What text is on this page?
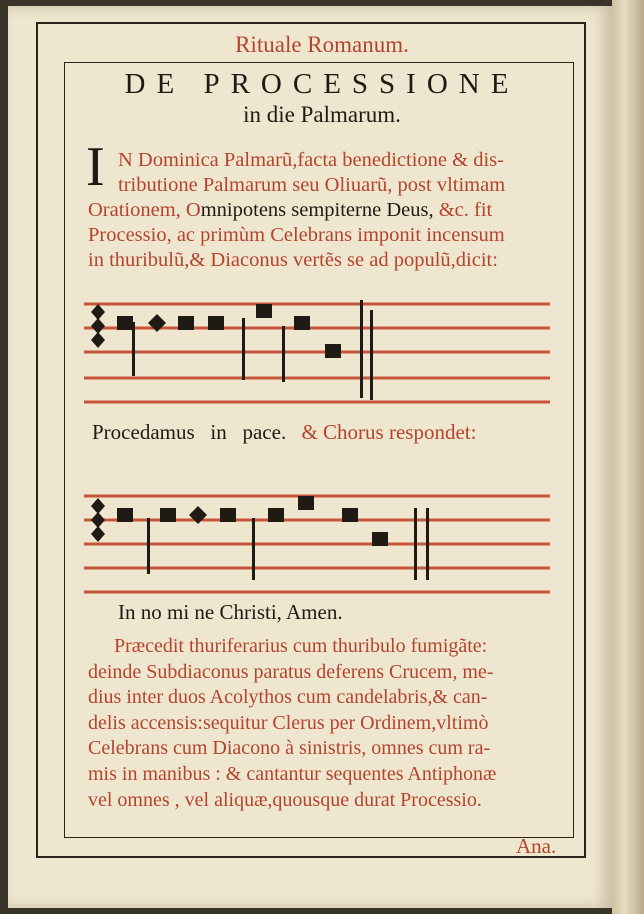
Rituale Romanum.
DE PROCESSIONE
in die Palmarum.
I N Dominica Palmarũ,facta benedictione & dis-
tributione Palmarum seu Oliuarũ, post vltimam
Orationem, Omnipotens sempiterne Deus, &c. fit
Processio, ac primùm Celebrans imponit incensum
in thuribulũ,& Diaconus vertẽs se ad populũ,dicit:
Procedamus   in   pace. & Chorus respondet:
In no mi ne Christi, Amen.
Præcedit thuriferarius cum thuribulo fumigãte:
deinde Subdiaconus paratus deferens Crucem, me-
dius inter duos Acolythos cum candelabris,& can-
delis accensis:sequitur Clerus per Ordinem,vltimò
Celebrans cum Diacono à sinistris, omnes cum ra-
mis in manibus : & cantantur sequentes Antiphonæ
vel omnes , vel aliquæ,quousque durat Processio.
Ana.
